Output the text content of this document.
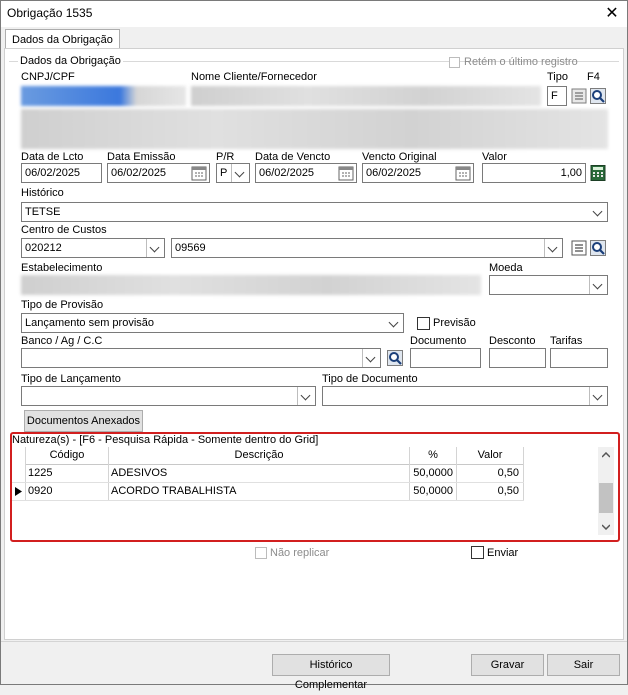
Obrigação 1535	✕
Dados da Obrigação
Dados da Obrigação	Retém o último registro
CNPJ/CPF	Nome Cliente/Fornecedor	Tipo F4
F
Data de Lcto Data Emissão	P/R Data de Vencto	Vencto Original	Valor
06/02/2025	06/02/2025	P	06/02/2025	06/02/2025	1,00
Histórico
TETSE
Centro de Custos
020212	09569
Estabelecimento	Moeda
Tipo de Provisão
Lançamento sem provisão	Previsão
Banco / Ag / C.C	Documento Desconto Tarifas
Tipo de Lançamento	Tipo de Documento
Documentos Anexados
Natureza(s) - [F6 - Pesquisa Rápida - Somente dentro do Grid]
Código	Descrição	%	Valor
1225	ADESIVOS	50,0000	0,50
0920	ACORDO TRABALHISTA	50,0000	0,50
Não replicar	Enviar
Histórico Complementar
Gravar	Sair
